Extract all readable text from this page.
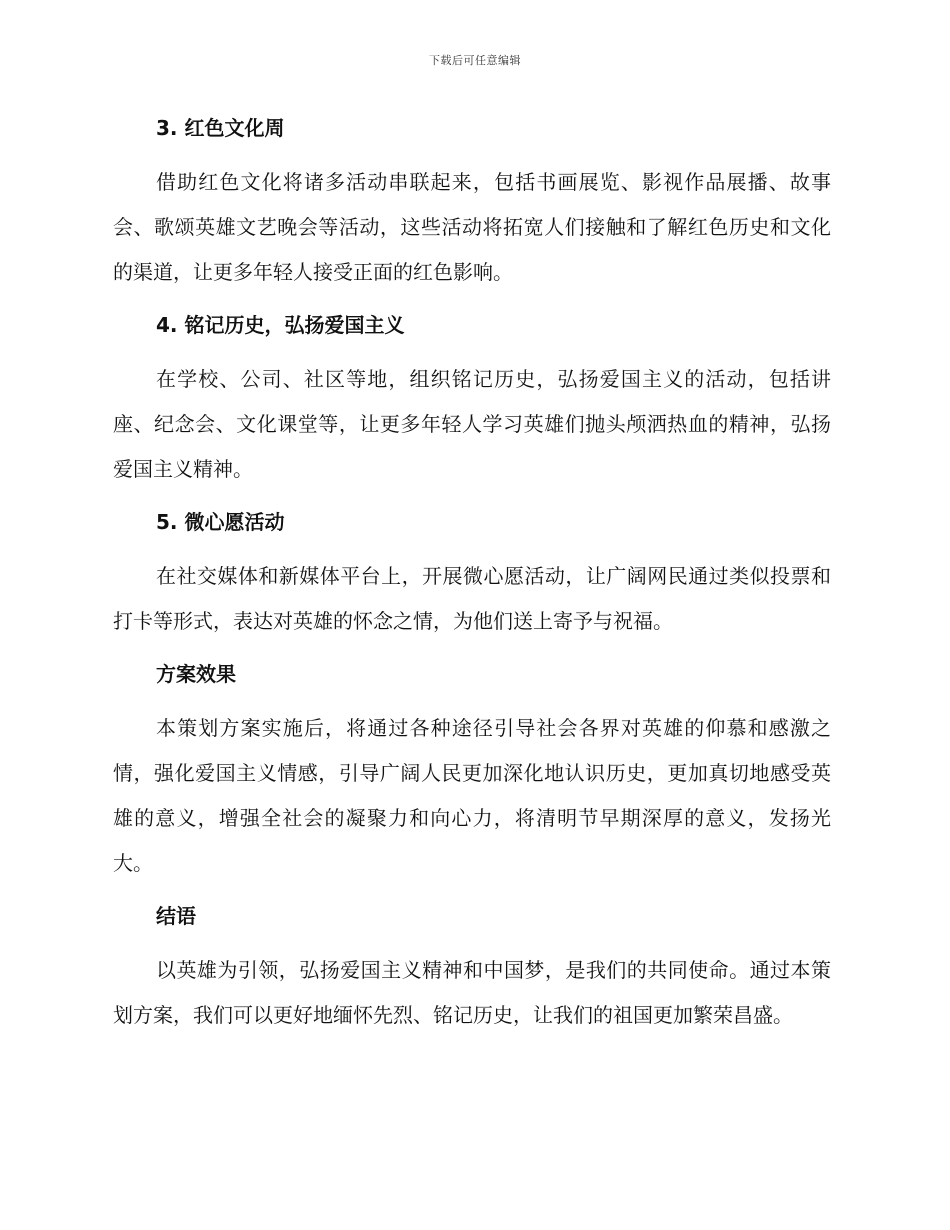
下载后可任意编辑
3. 红色文化周

借助红色文化将诸多活动串联起来，包括书画展览、影视作品展播、故事会、歌颂英雄文艺晚会等活动，这些活动将拓宽人们接触和了解红色历史和文化的渠道，让更多年轻人接受正面的红色影响。

4. 铭记历史，弘扬爱国主义

在学校、公司、社区等地，组织铭记历史，弘扬爱国主义的活动，包括讲座、纪念会、文化课堂等，让更多年轻人学习英雄们抛头颅洒热血的精神，弘扬爱国主义精神。

5. 微心愿活动

在社交媒体和新媒体平台上，开展微心愿活动，让广阔网民通过类似投票和打卡等形式，表达对英雄的怀念之情，为他们送上寄予与祝福。

方案效果

本策划方案实施后，将通过各种途径引导社会各界对英雄的仰慕和感激之情，强化爱国主义情感，引导广阔人民更加深化地认识历史，更加真切地感受英雄的意义，增强全社会的凝聚力和向心力，将清明节早期深厚的意义，发扬光大。

结语

以英雄为引领，弘扬爱国主义精神和中国梦，是我们的共同使命。通过本策划方案，我们可以更好地缅怀先烈、铭记历史，让我们的祖国更加繁荣昌盛。
